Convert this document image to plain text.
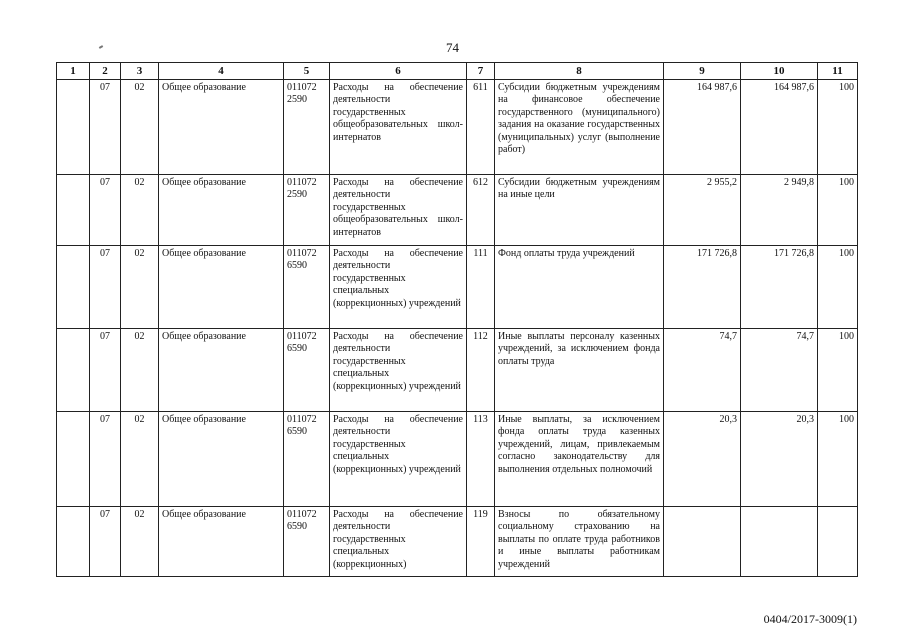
74
1	2	3	4	5	6	7	8	9	10	11
	07	02	Общее образование	011072 2590	Расходы на обеспечение деятельности государственных общеобразовательных школ-интернатов	611	Субсидии бюджетным учреждениям на финансовое обеспечение государственного (муниципального) задания на оказание государственных (муниципальных) услуг (выполнение работ)	164 987,6	164 987,6	100
	07	02	Общее образование	011072 2590	Расходы на обеспечение деятельности государственных общеобразовательных школ-интернатов	612	Субсидии бюджетным учреждениям на иные цели	2 955,2	2 949,8	100
	07	02	Общее образование	011072 6590	Расходы на обеспечение деятельности государственных специальных (коррекционных) учреждений	111	Фонд оплаты труда учреждений	171 726,8	171 726,8	100
	07	02	Общее образование	011072 6590	Расходы на обеспечение деятельности государственных специальных (коррекционных) учреждений	112	Иные выплаты персоналу казенных учреждений, за исключением фонда оплаты труда	74,7	74,7	100
	07	02	Общее образование	011072 6590	Расходы на обеспечение деятельности государственных специальных (коррекционных) учреждений	113	Иные выплаты, за исключением фонда оплаты труда казенных учреждений, лицам, привлекаемым согласно законодательству для выполнения отдельных полномочий	20,3	20,3	100
	07	02	Общее образование	011072 6590	Расходы на обеспечение деятельности государственных специальных (коррекционных)	119	Взносы по обязательному социальному страхованию на выплаты по оплате труда работников и иные выплаты работникам учреждений			
0404/2017-3009(1)
